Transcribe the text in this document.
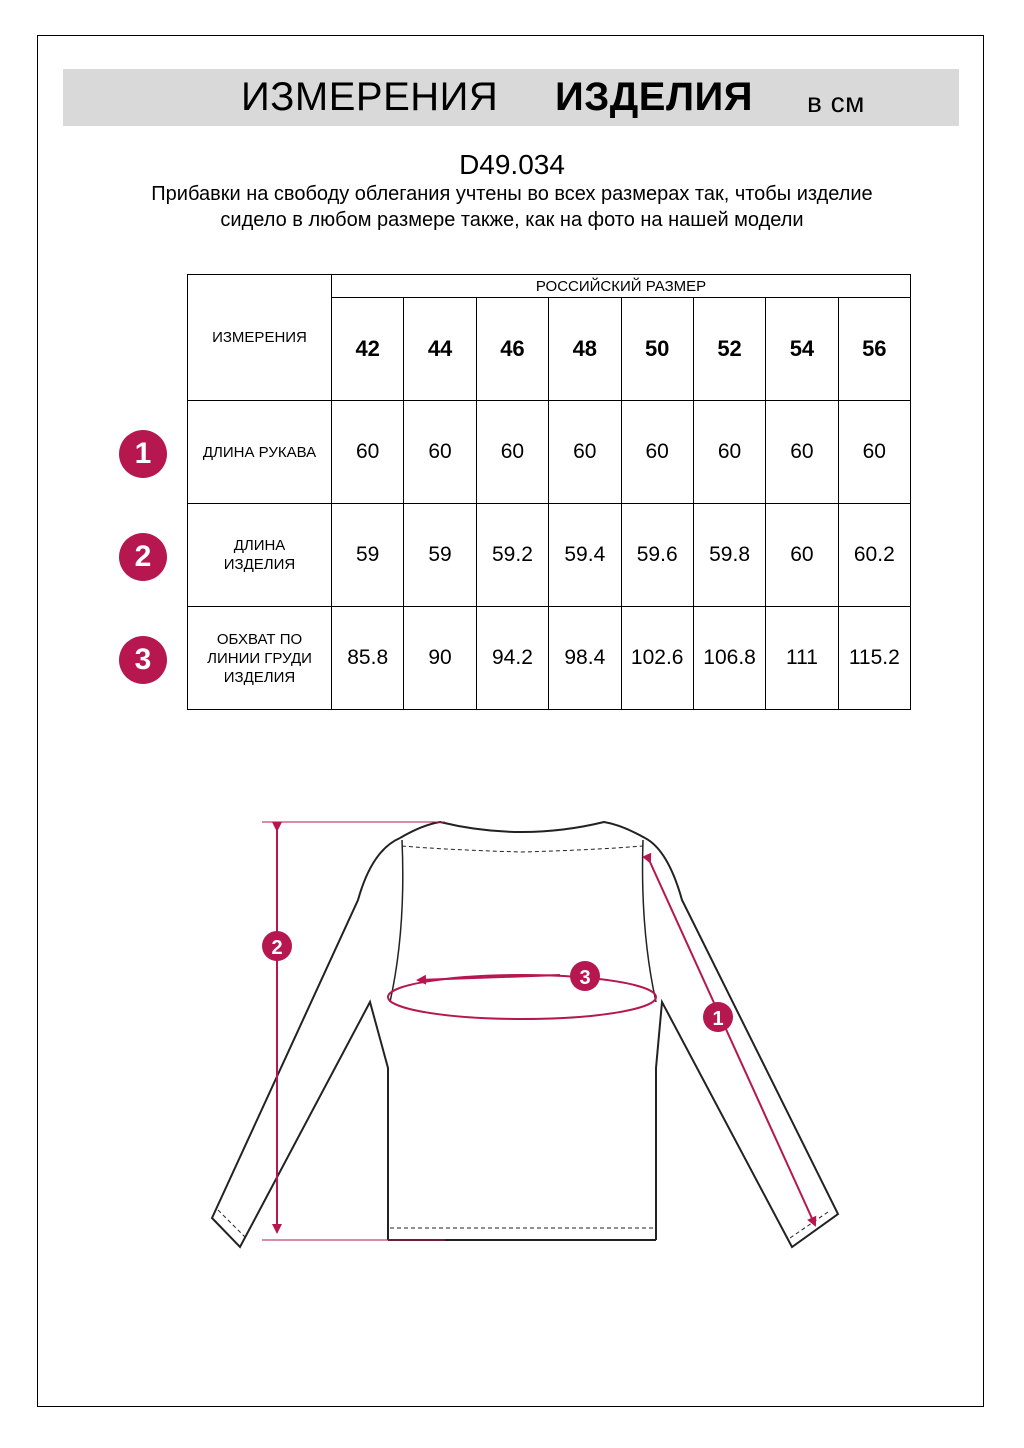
ИЗМЕРЕНИЯ ИЗДЕЛИЯ в см
D49.034
Прибавки на свободу облегания учтены во всех размерах так, чтобы изделие сидело в любом размере также, как на фото на нашей модели
ИЗМЕРЕНИЯ	РОССИЙСКИЙ РАЗМЕР							
	42	44	46	48	50	52	54	56
ДЛИНА РУКАВА	60	60	60	60	60	60	60	60
ДЛИНА ИЗДЕЛИЯ	59	59	59.2	59.4	59.6	59.8	60	60.2
ОБХВАТ ПО ЛИНИИ ГРУДИ ИЗДЕЛИЯ	85.8	90	94.2	98.4	102.6	106.8	111	115.2
1
2
3
2
3
1
